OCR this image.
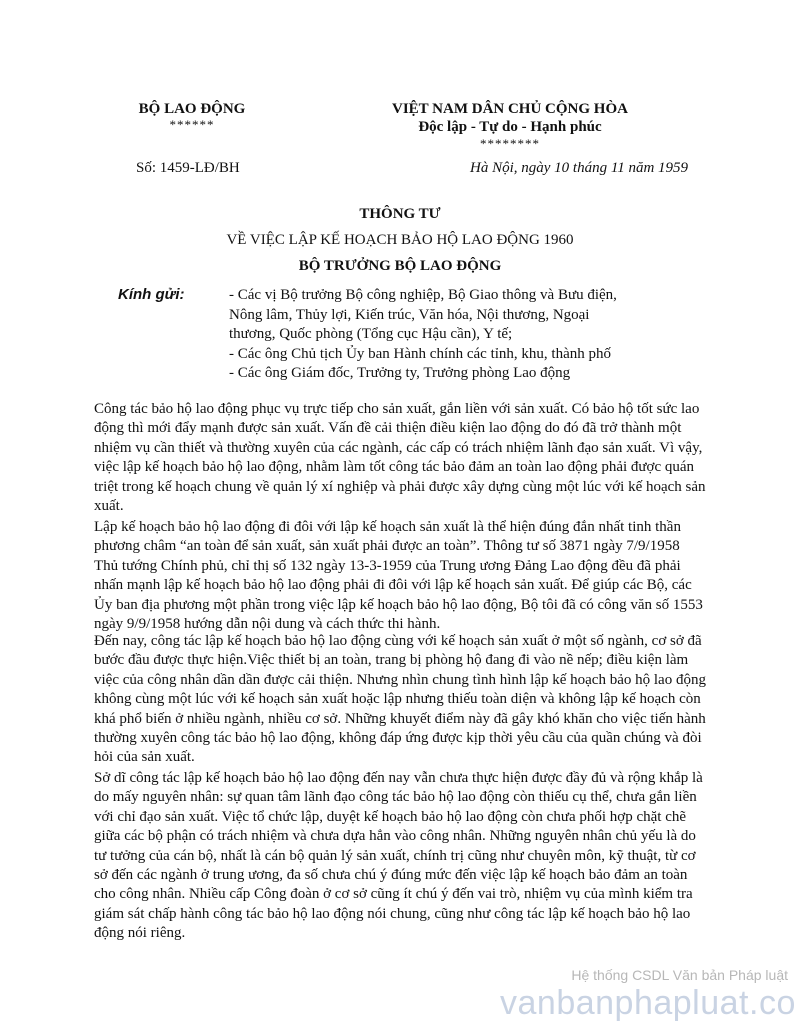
BỘ LAO ĐỘNG
******
VIỆT NAM DÂN CHỦ CỘNG HÒA
Độc lập - Tự do - Hạnh phúc
********
Số: 1459-LĐ/BH	Hà Nội, ngày 10 tháng 11 năm 1959
THÔNG TƯ
VỀ VIỆC LẬP KẾ HOẠCH BẢO HỘ LAO ĐỘNG 1960
BỘ TRƯỞNG BỘ LAO ĐỘNG
Kính gửi:	- Các vị Bộ trưởng Bộ công nghiệp, Bộ Giao thông và Bưu điện,
Nông lâm, Thủy lợi, Kiến trúc, Văn hóa, Nội thương, Ngoại
thương, Quốc phòng (Tổng cục Hậu cần), Y tế;
- Các ông Chủ tịch Ủy ban Hành chính các tỉnh, khu, thành phố
- Các ông Giám đốc, Trưởng ty, Trưởng phòng Lao động

Công tác bảo hộ lao động phục vụ trực tiếp cho sản xuất, gắn liền với sản xuất. Có bảo hộ tốt sức lao động thì mới đẩy mạnh được sản xuất. Vấn đề cải thiện điều kiện lao động do đó đã trở thành một nhiệm vụ cần thiết và thường xuyên của các ngành, các cấp có trách nhiệm lãnh đạo sản xuất. Vì vậy, việc lập kế hoạch bảo hộ lao động, nhằm làm tốt công tác bảo đảm an toàn lao động phải được quán triệt trong kế hoạch chung về quản lý xí nghiệp và phải được xây dựng cùng một lúc với kế hoạch sản xuất.

Lập kế hoạch bảo hộ lao động đi đôi với lập kế hoạch sản xuất là thể hiện đúng đắn nhất tinh thần phương châm “an toàn để sản xuất, sản xuất phải được an toàn”. Thông tư số 3871 ngày 7/9/1958 Thủ tướng Chính phủ, chỉ thị số 132 ngày 13-3-1959 của Trung ương Đảng Lao động đều đã phải nhấn mạnh lập kế hoạch bảo hộ lao động phải đi đôi với lập kế hoạch sản xuất. Để giúp các Bộ, các Ủy ban địa phương một phần trong việc lập kế hoạch bảo hộ lao động, Bộ tôi đã có công văn số 1553 ngày 9/9/1958 hướng dẫn nội dung và cách thức thi hành.

Đến nay, công tác lập kế hoạch bảo hộ lao động cùng với kế hoạch sản xuất ở một số ngành, cơ sở đã bước đầu được thực hiện.Việc thiết bị an toàn, trang bị phòng hộ đang đi vào nề nếp; điều kiện làm việc của công nhân dần dần được cải thiện. Nhưng nhìn chung tình hình lập kế hoạch bảo hộ lao động không cùng một lúc với kế hoạch sản xuất hoặc lập nhưng thiếu toàn diện và không lập kế hoạch còn khá phổ biến ở nhiều ngành, nhiều cơ sở. Những khuyết điểm này đã gây khó khăn cho việc tiến hành thường xuyên công tác bảo hộ lao động, không đáp ứng được kịp thời yêu cầu của quần chúng và đòi hỏi của sản xuất.

Sở dĩ công tác lập kế hoạch bảo hộ lao động đến nay vẫn chưa thực hiện được đầy đủ và rộng khắp là do mấy nguyên nhân: sự quan tâm lãnh đạo công tác bảo hộ lao động còn thiếu cụ thể, chưa gắn liền với chỉ đạo sản xuất. Việc tổ chức lập, duyệt kế hoạch bảo hộ lao động còn chưa phối hợp chặt chẽ giữa các bộ phận có trách nhiệm và chưa dựa hẳn vào công nhân. Những nguyên nhân chủ yếu là do tư tưởng của cán bộ, nhất là cán bộ quản lý sản xuất, chính trị cũng như chuyên môn, kỹ thuật, từ cơ sở đến các ngành ở trung ương, đa số chưa chú ý đúng mức đến việc lập kế hoạch bảo đảm an toàn cho công nhân. Nhiều cấp Công đoàn ở cơ sở cũng ít chú ý đến vai trò, nhiệm vụ của mình kiểm tra giám sát chấp hành công tác bảo hộ lao động nói chung, cũng như công tác lập kế hoạch bảo hộ lao động nói riêng.

Hệ thống CSDL Văn bản Pháp luật
vanbanphapluat.co
